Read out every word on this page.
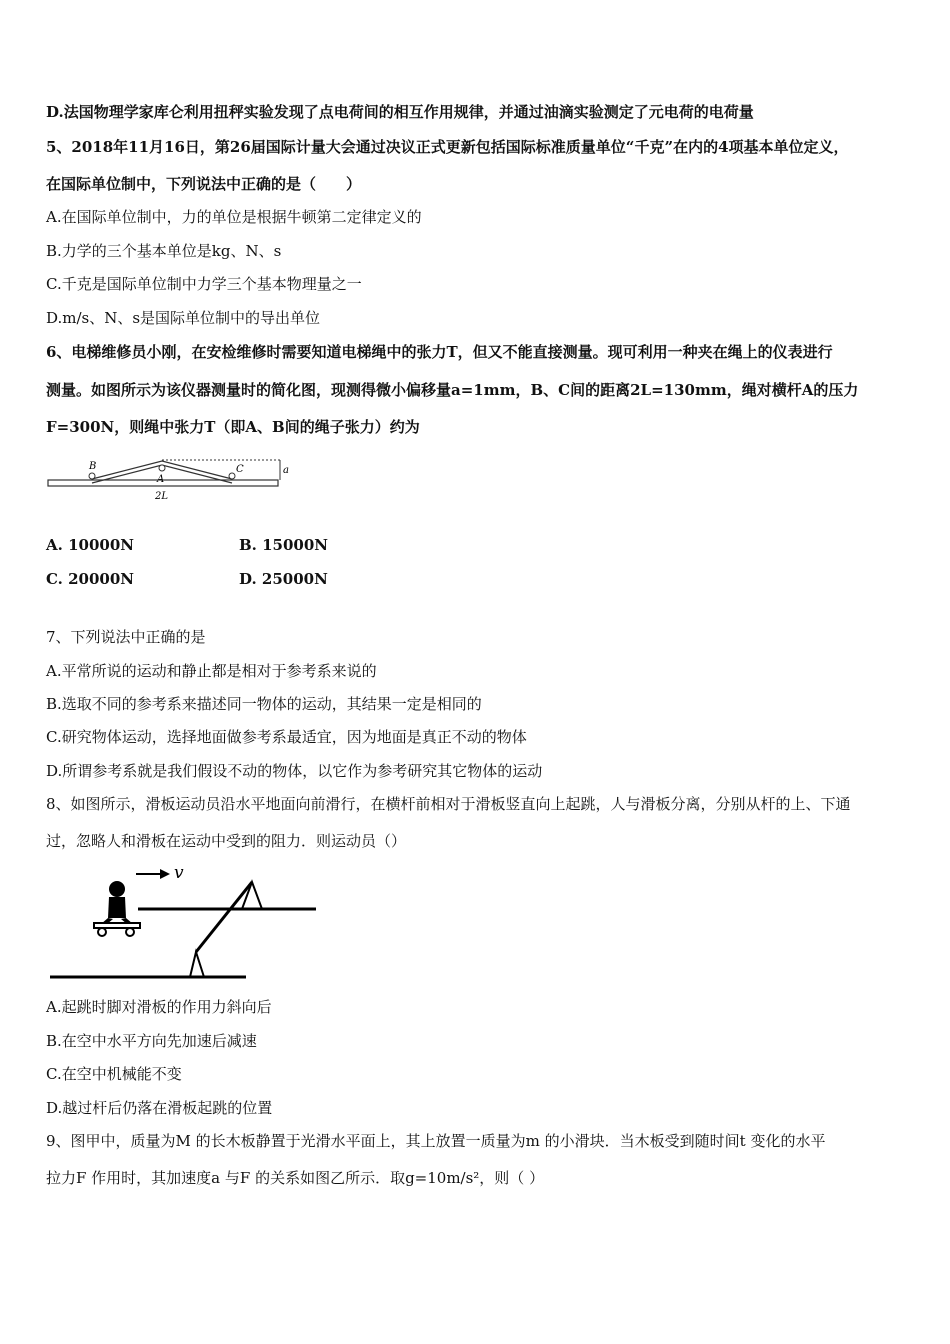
D.法国物理学家库仑利用扭秤实验发现了点电荷间的相互作用规律，并通过油滴实验测定了元电荷的电荷量
5、2018年11月16日，第26届国际计量大会通过决议正式更新包括国际标准质量单位“千克”在内的4项基本单位定义，
在国际单位制中，下列说法中正确的是（　　）
A.在国际单位制中，力的单位是根据牛顿第二定律定义的
B.力学的三个基本单位是kg、N、s
C.千克是国际单位制中力学三个基本物理量之一
D.m/s、N、s是国际单位制中的导出单位
6、电梯维修员小刚，在安检维修时需要知道电梯绳中的张力T，但又不能直接测量。现可利用一种夹在绳上的仪表进行
测量。如图所示为该仪器测量时的简化图，现测得微小偏移量a=1mm，B、C间的距离2L=130mm，绳对横杆A的压力
F=300N，则绳中张力T（即A、B间的绳子张力）约为
B
A
C	a
2L
A. 10000N	B. 15000N
C. 20000N	D. 25000N
7、下列说法中正确的是
A.平常所说的运动和静止都是相对于参考系来说的
B.选取不同的参考系来描述同一物体的运动，其结果一定是相同的
C.研究物体运动，选择地面做参考系最适宜，因为地面是真正不动的物体
D.所谓参考系就是我们假设不动的物体，以它作为参考研究其它物体的运动
8、如图所示，滑板运动员沿水平地面向前滑行，在横杆前相对于滑板竖直向上起跳，人与滑板分离，分别从杆的上、下通
过，忽略人和滑板在运动中受到的阻力．则运动员（）
v
A.起跳时脚对滑板的作用力斜向后
B.在空中水平方向先加速后减速
C.在空中机械能不变
D.越过杆后仍落在滑板起跳的位置
9、图甲中，质量为M 的长木板静置于光滑水平面上，其上放置一质量为m 的小滑块．当木板受到随时间t 变化的水平
拉力F 作用时，其加速度a 与F 的关系如图乙所示．取g=10m/s²，则（ ）
